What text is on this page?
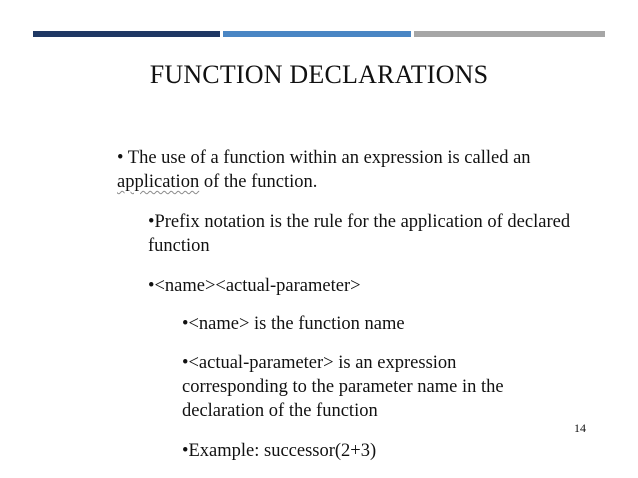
FUNCTION DECLARATIONS
• The use of a function within an expression is called an application of the function.
•Prefix notation is the rule for the application of declared function
•<name><actual-parameter>
•<name> is the function name
•<actual-parameter> is an expression corresponding to the parameter name in the declaration of the function
14
•Example: successor(2+3)
